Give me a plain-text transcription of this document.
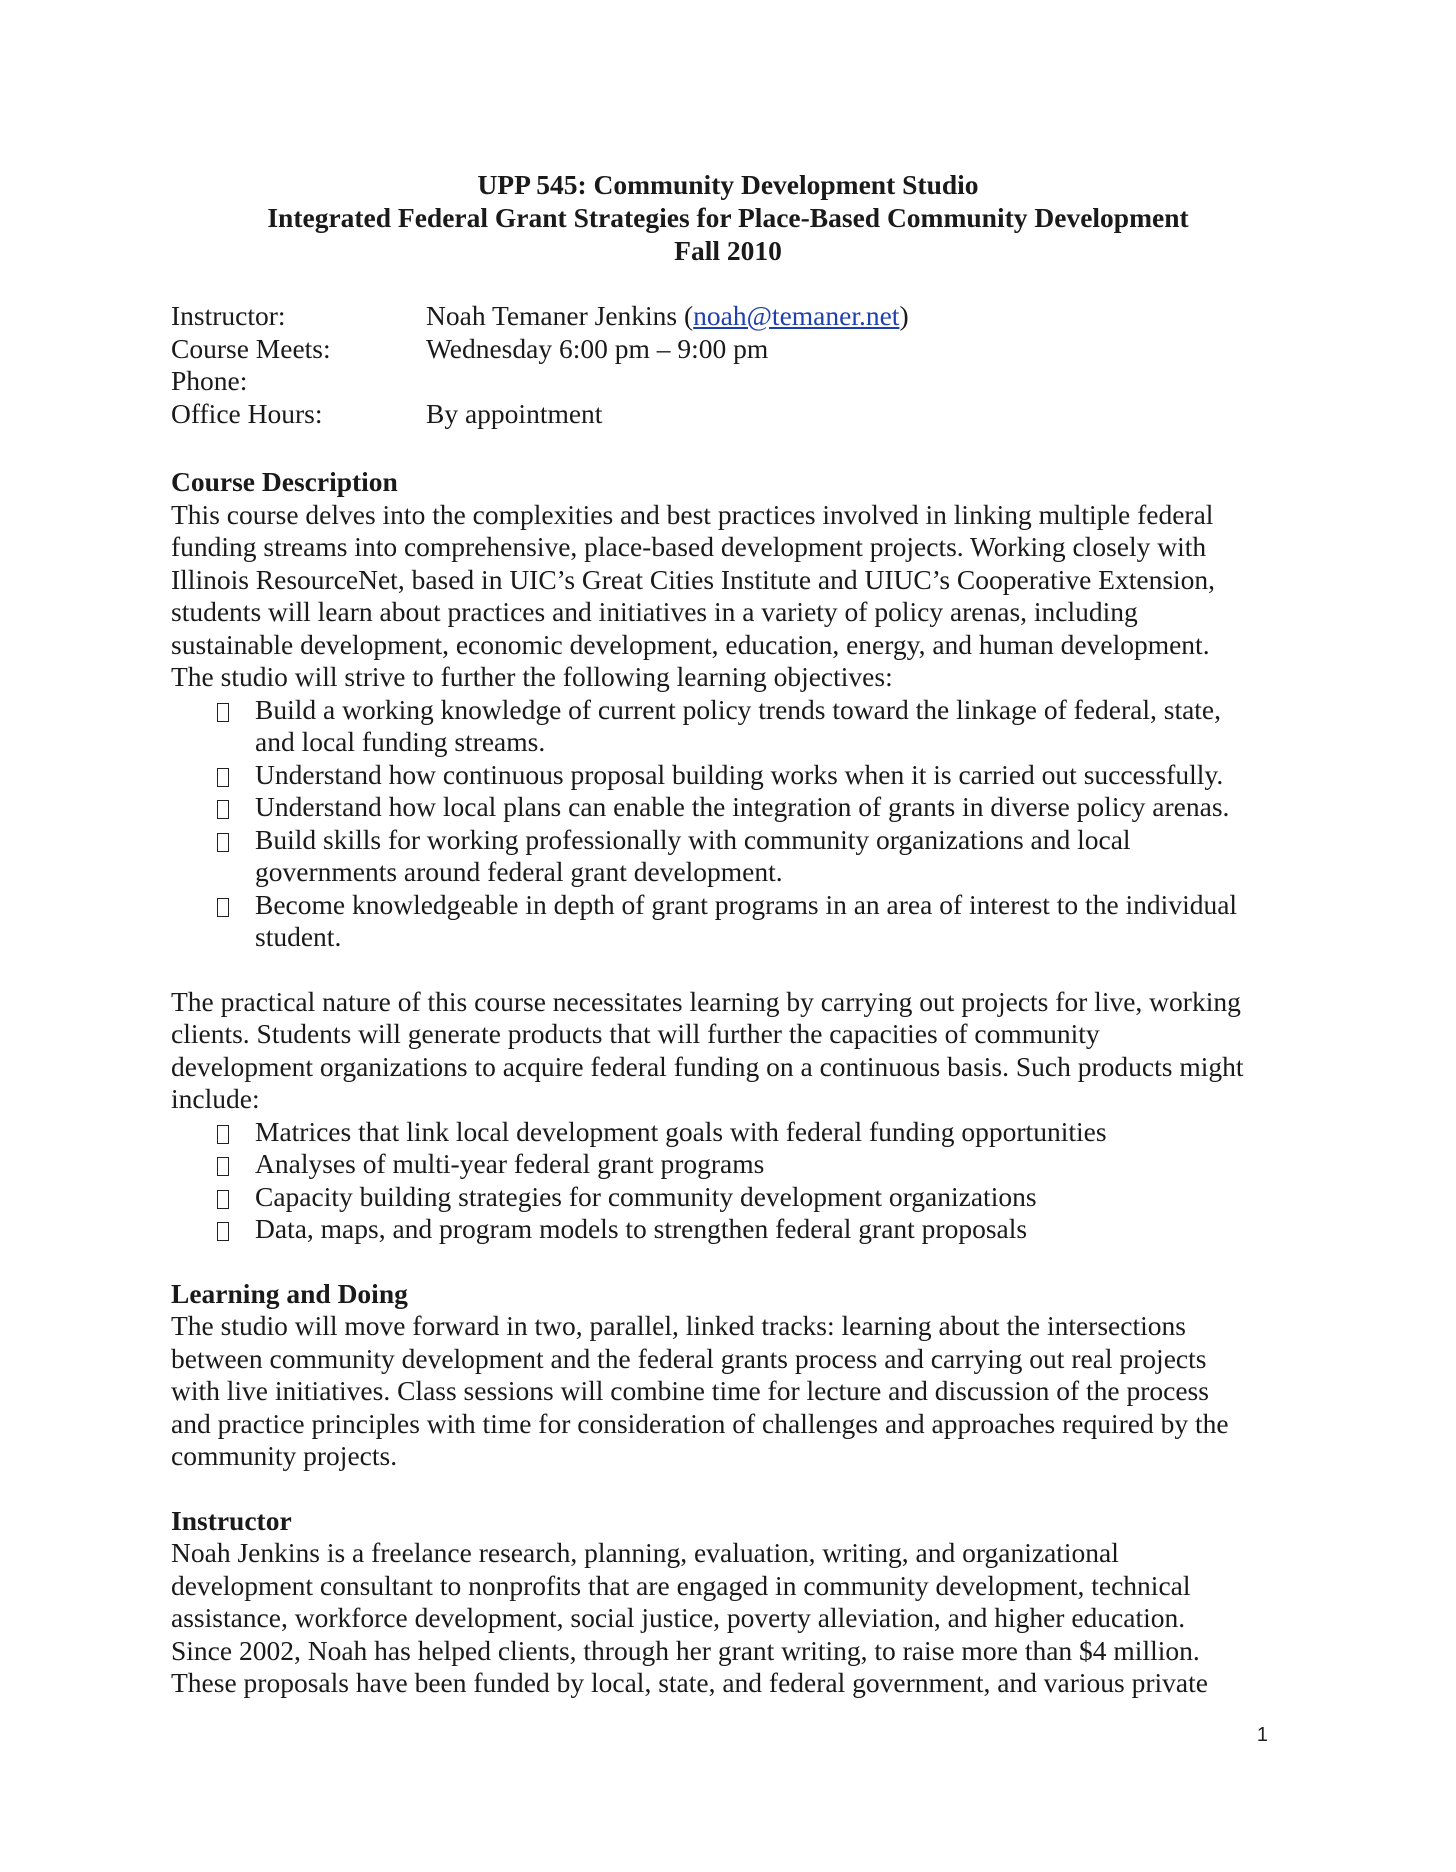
UPP 545: Community Development Studio
Integrated Federal Grant Strategies for Place-Based Community Development
Fall 2010
Instructor:	Noah Temaner Jenkins (noah@temaner.net)
Course Meets:	Wednesday 6:00 pm – 9:00 pm
Phone:
Office Hours:	By appointment

Course Description

This course delves into the complexities and best practices involved in linking multiple federal
funding streams into comprehensive, place-based development projects. Working closely with
Illinois ResourceNet, based in UIC’s Great Cities Institute and UIUC’s Cooperative Extension,
students will learn about practices and initiatives in a variety of policy arenas, including
sustainable development, economic development, education, energy, and human development.
The studio will strive to further the following learning objectives:

Build a working knowledge of current policy trends toward the linkage of federal, state,
and local funding streams.
Understand how continuous proposal building works when it is carried out successfully.
Understand how local plans can enable the integration of grants in diverse policy arenas.
Build skills for working professionally with community organizations and local
governments around federal grant development.
Become knowledgeable in depth of grant programs in an area of interest to the individual
student.

The practical nature of this course necessitates learning by carrying out projects for live, working
clients. Students will generate products that will further the capacities of community
development organizations to acquire federal funding on a continuous basis. Such products might
include:

Matrices that link local development goals with federal funding opportunities
Analyses of multi-year federal grant programs
Capacity building strategies for community development organizations
Data, maps, and program models to strengthen federal grant proposals

Learning and Doing

The studio will move forward in two, parallel, linked tracks: learning about the intersections
between community development and the federal grants process and carrying out real projects
with live initiatives. Class sessions will combine time for lecture and discussion of the process
and practice principles with time for consideration of challenges and approaches required by the
community projects.

Instructor

Noah Jenkins is a freelance research, planning, evaluation, writing, and organizational
development consultant to nonprofits that are engaged in community development, technical
assistance, workforce development, social justice, poverty alleviation, and higher education.
Since 2002, Noah has helped clients, through her grant writing, to raise more than $4 million.
These proposals have been funded by local, state, and federal government, and various private

1
